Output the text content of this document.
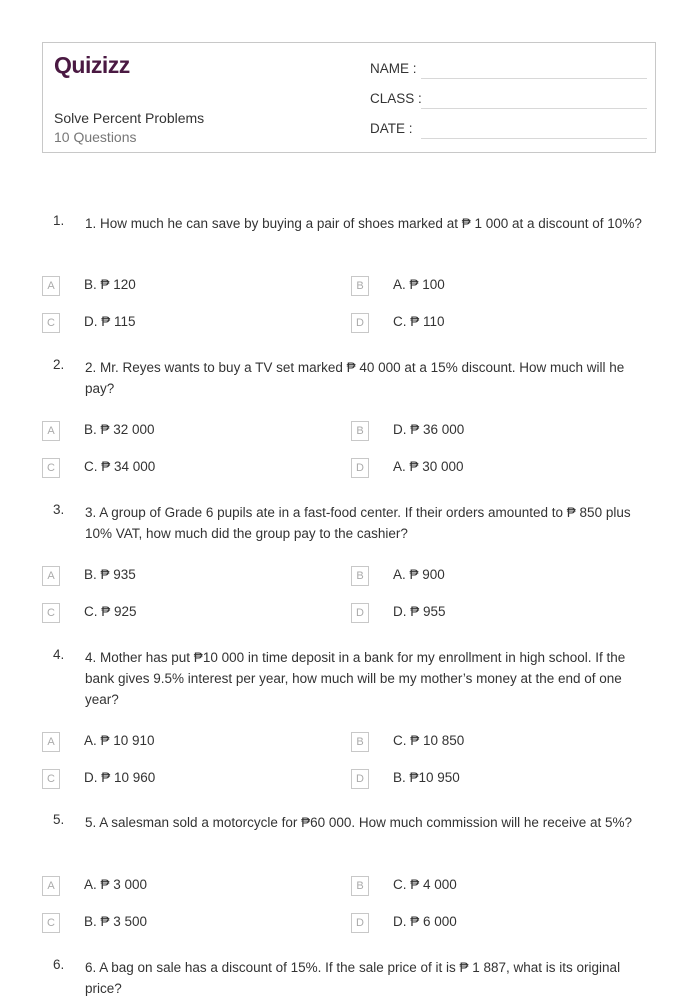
Quizizz
Solve Percent Problems
10 Questions
NAME :
CLASS :
DATE :
1. 1. How much he can save by buying a pair of shoes marked at ₱ 1 000 at a discount of 10%?
A	B. ₱ 120	B	A. ₱ 100
C	D. ₱ 115	D	C. ₱ 110
2. 2. Mr. Reyes wants to buy a TV set marked ₱ 40 000 at a 15% discount. How much will he pay?
A	B. ₱ 32 000	B	D. ₱ 36 000
C	C. ₱ 34 000	D	A. ₱ 30 000
3. 3. A group of Grade 6 pupils ate in a fast-food center. If their orders amounted to ₱ 850 plus 10% VAT, how much did the group pay to the cashier?
A	B. ₱ 935	B	A. ₱ 900
C	C. ₱ 925	D	D. ₱ 955
4. 4. Mother has put ₱10 000 in time deposit in a bank for my enrollment in high school. If the bank gives 9.5% interest per year, how much will be my mother’s money at the end of one year?
A	A. ₱ 10 910	B	C. ₱ 10 850
C	D. ₱ 10 960	D	B. ₱10 950
5. 5. A salesman sold a motorcycle for ₱60 000. How much commission will he receive at 5%?
A	A. ₱ 3 000	B	C. ₱ 4 000
C	B. ₱ 3 500	D	D. ₱ 6 000
6. 6. A bag on sale has a discount of 15%. If the sale price of it is ₱ 1 887, what is its original price?
